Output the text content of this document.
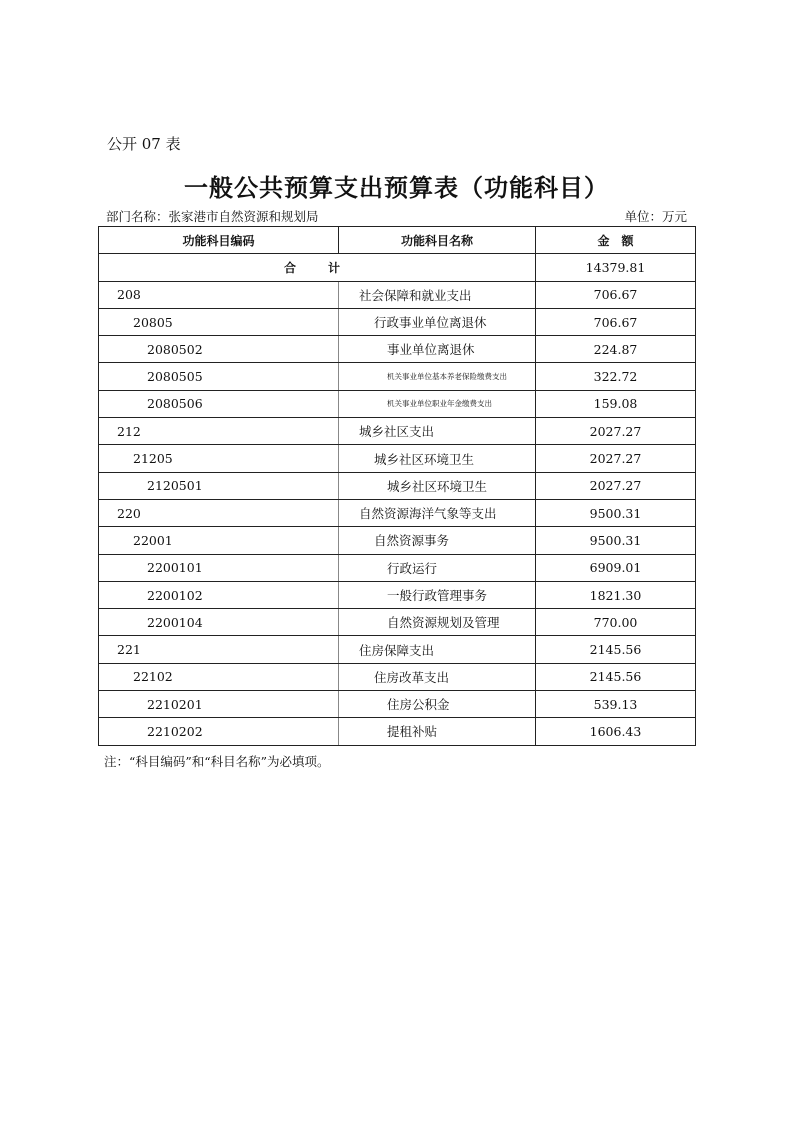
公开 07 表
一般公共预算支出预算表（功能科目）
部门名称：张家港市自然资源和规划局	单位：万元
功能科目编码	功能科目名称	金　额
合　计		14379.81
208	社会保障和就业支出	706.67
20805	行政事业单位离退休	706.67
2080502	事业单位离退休	224.87
2080505	机关事业单位基本养老保险缴费支出	322.72
2080506	机关事业单位职业年金缴费支出	159.08
212	城乡社区支出	2027.27
21205	城乡社区环境卫生	2027.27
2120501	城乡社区环境卫生	2027.27
220	自然资源海洋气象等支出	9500.31
22001	自然资源事务	9500.31
2200101	行政运行	6909.01
2200102	一般行政管理事务	1821.30
2200104	自然资源规划及管理	770.00
221	住房保障支出	2145.56
22102	住房改革支出	2145.56
2210201	住房公积金	539.13
2210202	提租补贴	1606.43
注：“科目编码”和“科目名称”为必填项。
